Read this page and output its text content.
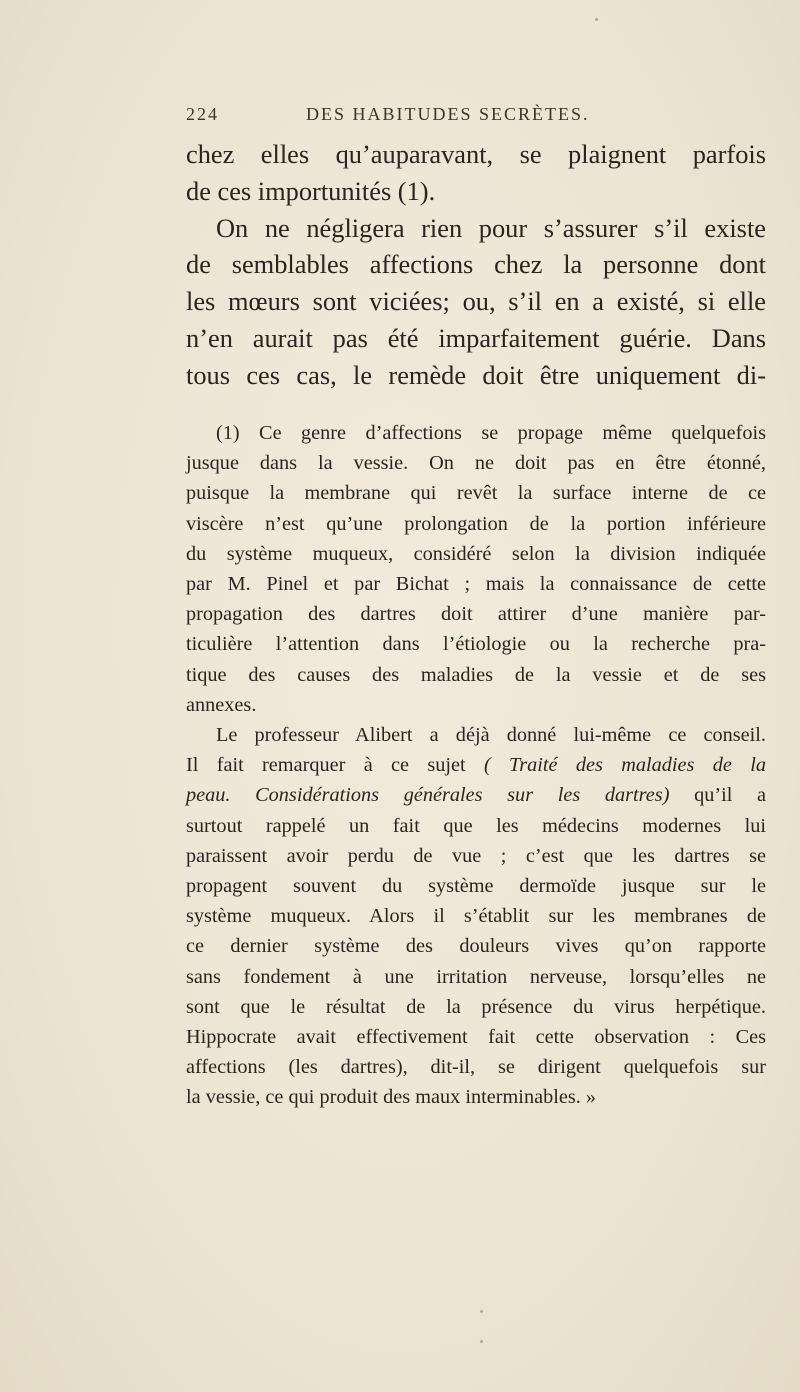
224	DES HABITUDES SECRÈTES.
chez elles qu’auparavant, se plaignent parfois
de ces importunités (1).
On ne négligera rien pour s’assurer s’il existe
de semblables affections chez la personne dont
les mœurs sont viciées; ou, s’il en a existé, si elle
n’en aurait pas été imparfaitement guérie. Dans
tous ces cas, le remède doit être uniquement di-
(1) Ce genre d’affections se propage même quelquefois
jusque dans la vessie. On ne doit pas en être étonné,
puisque la membrane qui revêt la surface interne de ce
viscère n’est qu’une prolongation de la portion inférieure
du système muqueux, considéré selon la division indiquée
par M. Pinel et par Bichat ; mais la connaissance de cette
propagation des dartres doit attirer d’une manière par-
ticulière l’attention dans l’étiologie ou la recherche pra-
tique des causes des maladies de la vessie et de ses
annexes.
Le professeur Alibert a déjà donné lui-même ce conseil.
Il fait remarquer à ce sujet ( Traité des maladies de la
peau. Considérations générales sur les dartres) qu’il a
surtout rappelé un fait que les médecins modernes lui
paraissent avoir perdu de vue ; c’est que les dartres se
propagent souvent du système dermoïde jusque sur le
système muqueux. Alors il s’établit sur les membranes de
ce dernier système des douleurs vives qu’on rapporte
sans fondement à une irritation nerveuse, lorsqu’elles ne
sont que le résultat de la présence du virus herpétique.
Hippocrate avait effectivement fait cette observation : Ces
affections (les dartres), dit-il, se dirigent quelquefois sur
la vessie, ce qui produit des maux interminables. »
